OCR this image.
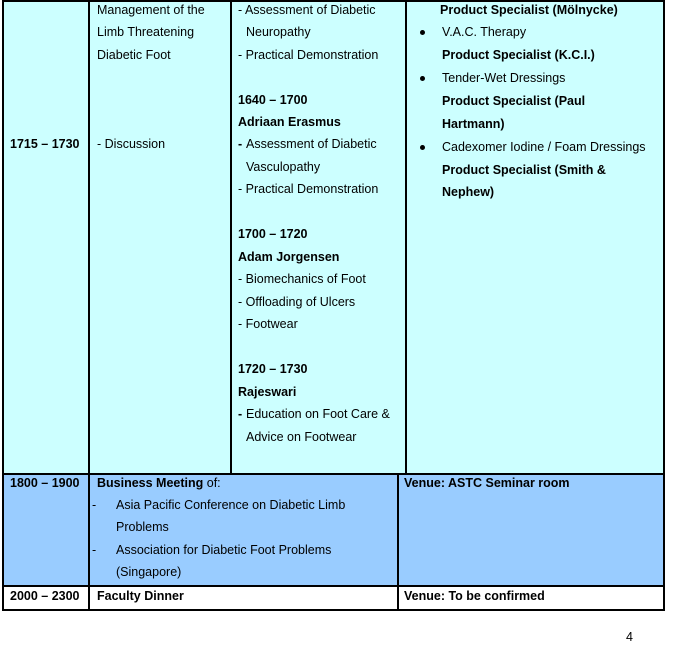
1715 – 1730
Management of the
Limb Threatening
Diabetic Foot
- Discussion
- Assessment of Diabetic
Neuropathy
- Practical Demonstration
1640 – 1700
Adriaan Erasmus
- Assessment of Diabetic
Vasculopathy
- Practical Demonstration
1700 – 1720
Adam Jorgensen
- Biomechanics of Foot
- Offloading of Ulcers
- Footwear
1720 – 1730
Rajeswari
- Education on Foot Care &
Advice on Footwear
Product Specialist (Mölnycke)
V.A.C. Therapy
Product Specialist (K.C.I.)
Tender-Wet Dressings
Product Specialist (Paul
Hartmann)
Cadexomer Iodine / Foam Dressings
Product Specialist (Smith &
Nephew)
1800 – 1900 Business Meeting of:
- Asia Pacific Conference on Diabetic Limb
Problems
- Association for Diabetic Foot Problems
(Singapore)
Venue: ASTC Seminar room
2000 – 2300 Faculty Dinner	Venue: To be confirmed
4
